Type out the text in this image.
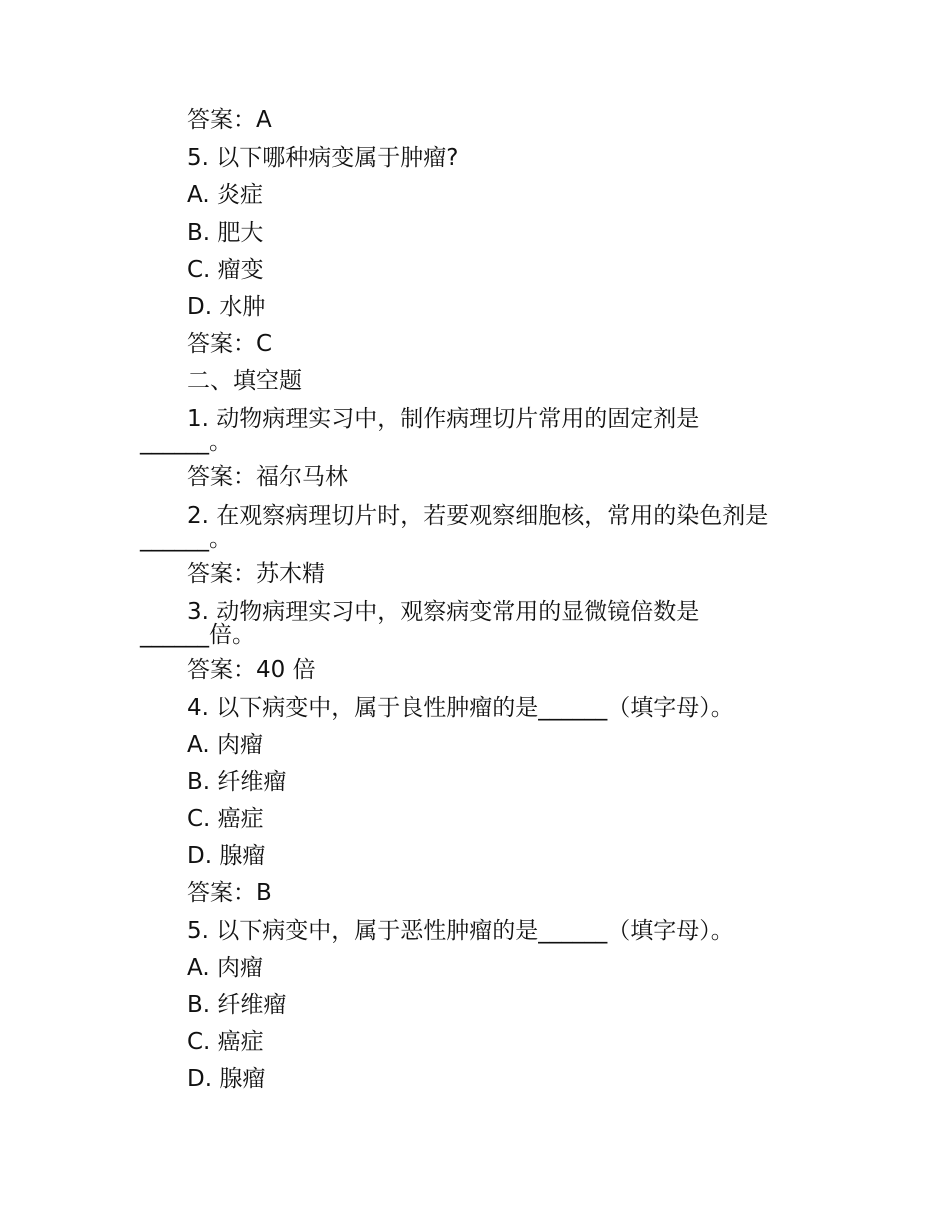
答案：A
5. 以下哪种病变属于肿瘤?
A. 炎症
B. 肥大
C. 瘤变
D. 水肿
答案：C
二、填空题
1. 动物病理实习中，制作病理切片常用的固定剂是
______。
答案：福尔马林
2. 在观察病理切片时，若要观察细胞核，常用的染色剂是
______。
答案：苏木精
3. 动物病理实习中，观察病变常用的显微镜倍数是
______倍。
答案：40 倍
4. 以下病变中，属于良性肿瘤的是______（填字母）。
A. 肉瘤
B. 纤维瘤
C. 癌症
D. 腺瘤
答案：B
5. 以下病变中，属于恶性肿瘤的是______（填字母）。
A. 肉瘤
B. 纤维瘤
C. 癌症
D. 腺瘤
